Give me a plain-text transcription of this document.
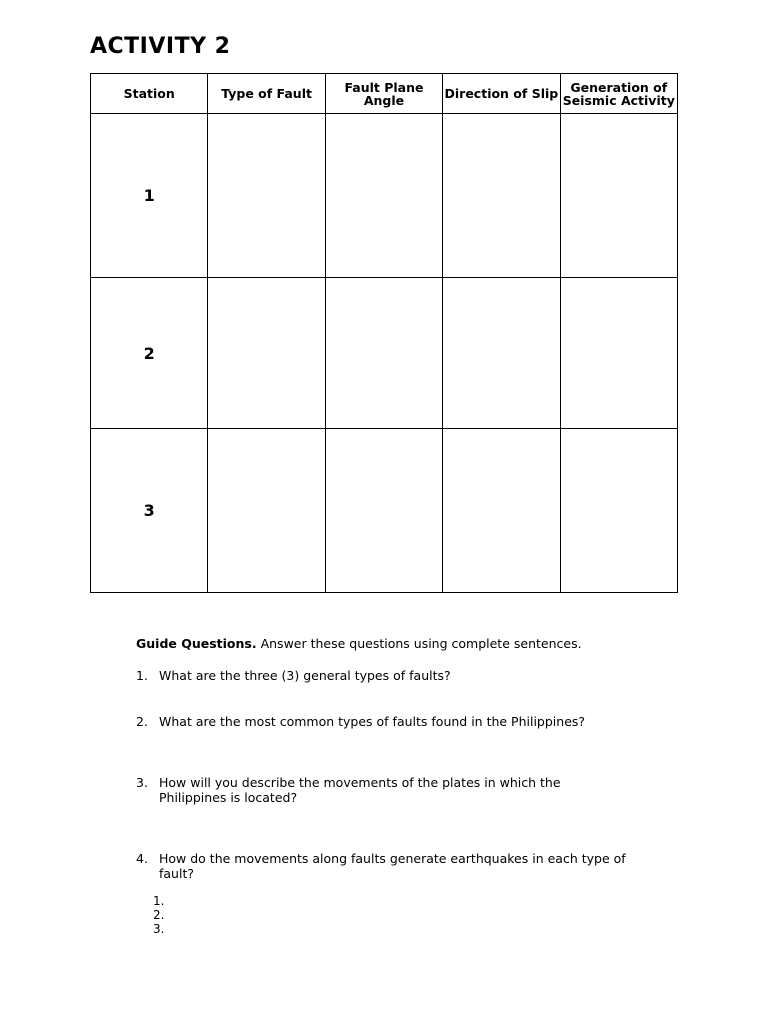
ACTIVITY 2
Station	Type of Fault	Fault Plane Angle	Direction of Slip	Generation of Seismic Activity
1				
2				
3				
Guide Questions. Answer these questions using complete sentences.
1. What are the three (3) general types of faults?
2. What are the most common types of faults found in the Philippines?
3. How will you describe the movements of the plates in which the Philippines is located?
4. How do the movements along faults generate earthquakes in each type of fault?
1.
2.
3.
